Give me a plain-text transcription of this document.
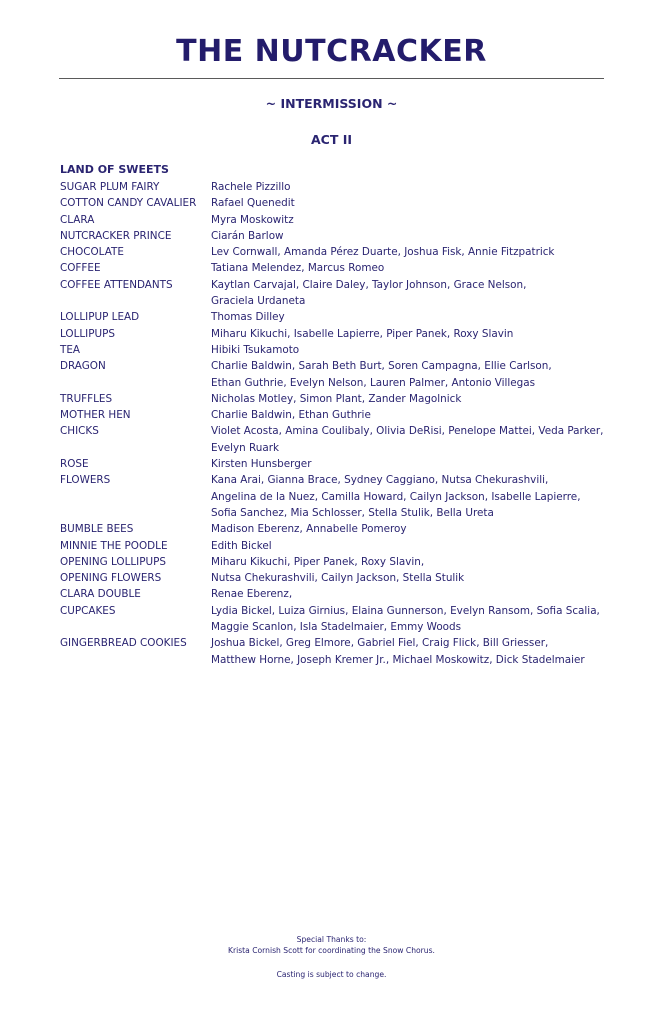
THE NUTCRACKER
~ INTERMISSION ~
ACT II
LAND OF SWEETS
SUGAR PLUM FAIRY	Rachele Pizzillo
COTTON CANDY CAVALIER	Rafael Quenedit
CLARA	Myra Moskowitz
NUTCRACKER PRINCE	Ciarán Barlow
CHOCOLATE	Lev Cornwall, Amanda Pérez Duarte, Joshua Fisk, Annie Fitzpatrick
COFFEE	Tatiana Melendez, Marcus Romeo
COFFEE ATTENDANTS	Kaytlan Carvajal, Claire Daley, Taylor Johnson, Grace Nelson,
Graciela Urdaneta
LOLLIPUP LEAD	Thomas Dilley
LOLLIPUPS	Miharu Kikuchi, Isabelle Lapierre, Piper Panek, Roxy Slavin
TEA	Hibiki Tsukamoto
DRAGON	Charlie Baldwin, Sarah Beth Burt, Soren Campagna, Ellie Carlson,
Ethan Guthrie, Evelyn Nelson, Lauren Palmer, Antonio Villegas
TRUFFLES	Nicholas Motley, Simon Plant, Zander Magolnick
MOTHER HEN	Charlie Baldwin, Ethan Guthrie
CHICKS	Violet Acosta, Amina Coulibaly, Olivia DeRisi, Penelope Mattei, Veda Parker,
Evelyn Ruark
ROSE	Kirsten Hunsberger
FLOWERS	Kana Arai, Gianna Brace, Sydney Caggiano, Nutsa Chekurashvili,
Angelina de la Nuez, Camilla Howard, Cailyn Jackson, Isabelle Lapierre,
Sofia Sanchez, Mia Schlosser, Stella Stulik, Bella Ureta
BUMBLE BEES	Madison Eberenz, Annabelle Pomeroy
MINNIE THE POODLE	Edith Bickel
OPENING LOLLIPUPS	Miharu Kikuchi, Piper Panek, Roxy Slavin,
OPENING FLOWERS	Nutsa Chekurashvili, Cailyn Jackson, Stella Stulik
CLARA DOUBLE	Renae Eberenz,
CUPCAKES	Lydia Bickel, Luiza Girnius, Elaina Gunnerson, Evelyn Ransom, Sofia Scalia,
Maggie Scanlon, Isla Stadelmaier, Emmy Woods
GINGERBREAD COOKIES	Joshua Bickel, Greg Elmore, Gabriel Fiel, Craig Flick, Bill Griesser,
Matthew Horne, Joseph Kremer Jr., Michael Moskowitz, Dick Stadelmaier
Special Thanks to:
Krista Cornish Scott for coordinating the Snow Chorus.
Casting is subject to change.
